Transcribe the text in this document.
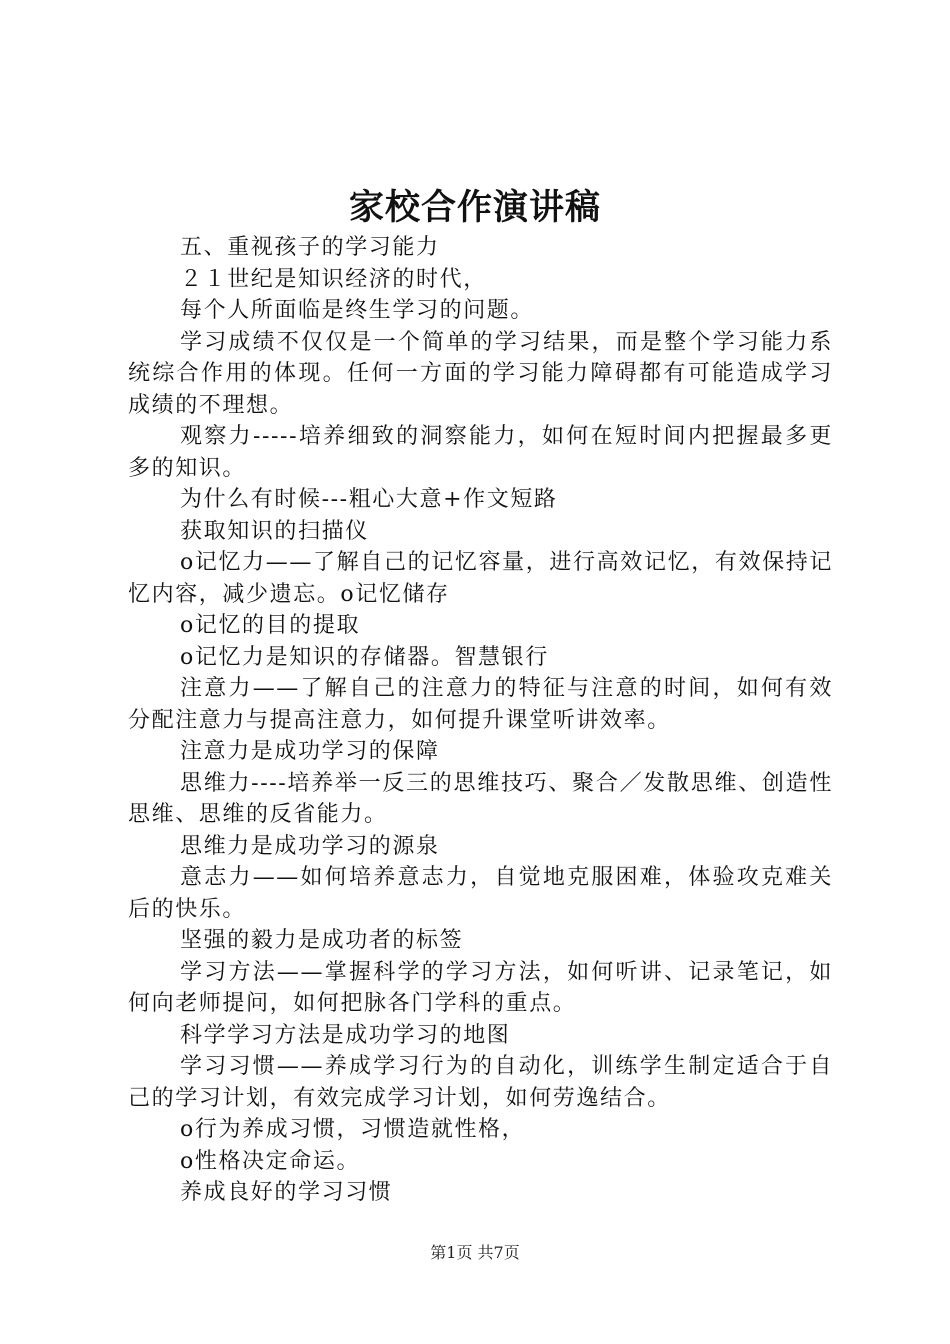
家校合作演讲稿

五、重视孩子的学习能力

２１世纪是知识经济的时代，

每个人所面临是终生学习的问题。

学习成绩不仅仅是一个简单的学习结果，而是整个学习能力系统综合作用的体现。任何一方面的学习能力障碍都有可能造成学习成绩的不理想。

观察力-----培养细致的洞察能力，如何在短时间内把握最多更多的知识。

为什么有时候---粗心大意+作文短路

获取知识的扫描仪

o记忆力——了解自己的记忆容量，进行高效记忆，有效保持记忆内容，减少遗忘。o记忆储存

o记忆的目的提取

o记忆力是知识的存储器。智慧银行

注意力——了解自己的注意力的特征与注意的时间，如何有效分配注意力与提高注意力，如何提升课堂听讲效率。

注意力是成功学习的保障

思维力----培养举一反三的思维技巧、聚合／发散思维、创造性思维、思维的反省能力。

思维力是成功学习的源泉

意志力——如何培养意志力，自觉地克服困难，体验攻克难关后的快乐。

坚强的毅力是成功者的标签

学习方法——掌握科学的学习方法，如何听讲、记录笔记，如何向老师提问，如何把脉各门学科的重点。

科学学习方法是成功学习的地图

学习习惯——养成学习行为的自动化，训练学生制定适合于自己的学习计划，有效完成学习计划，如何劳逸结合。

o行为养成习惯，习惯造就性格，

o性格决定命运。

养成良好的学习习惯

第1页 共7页
